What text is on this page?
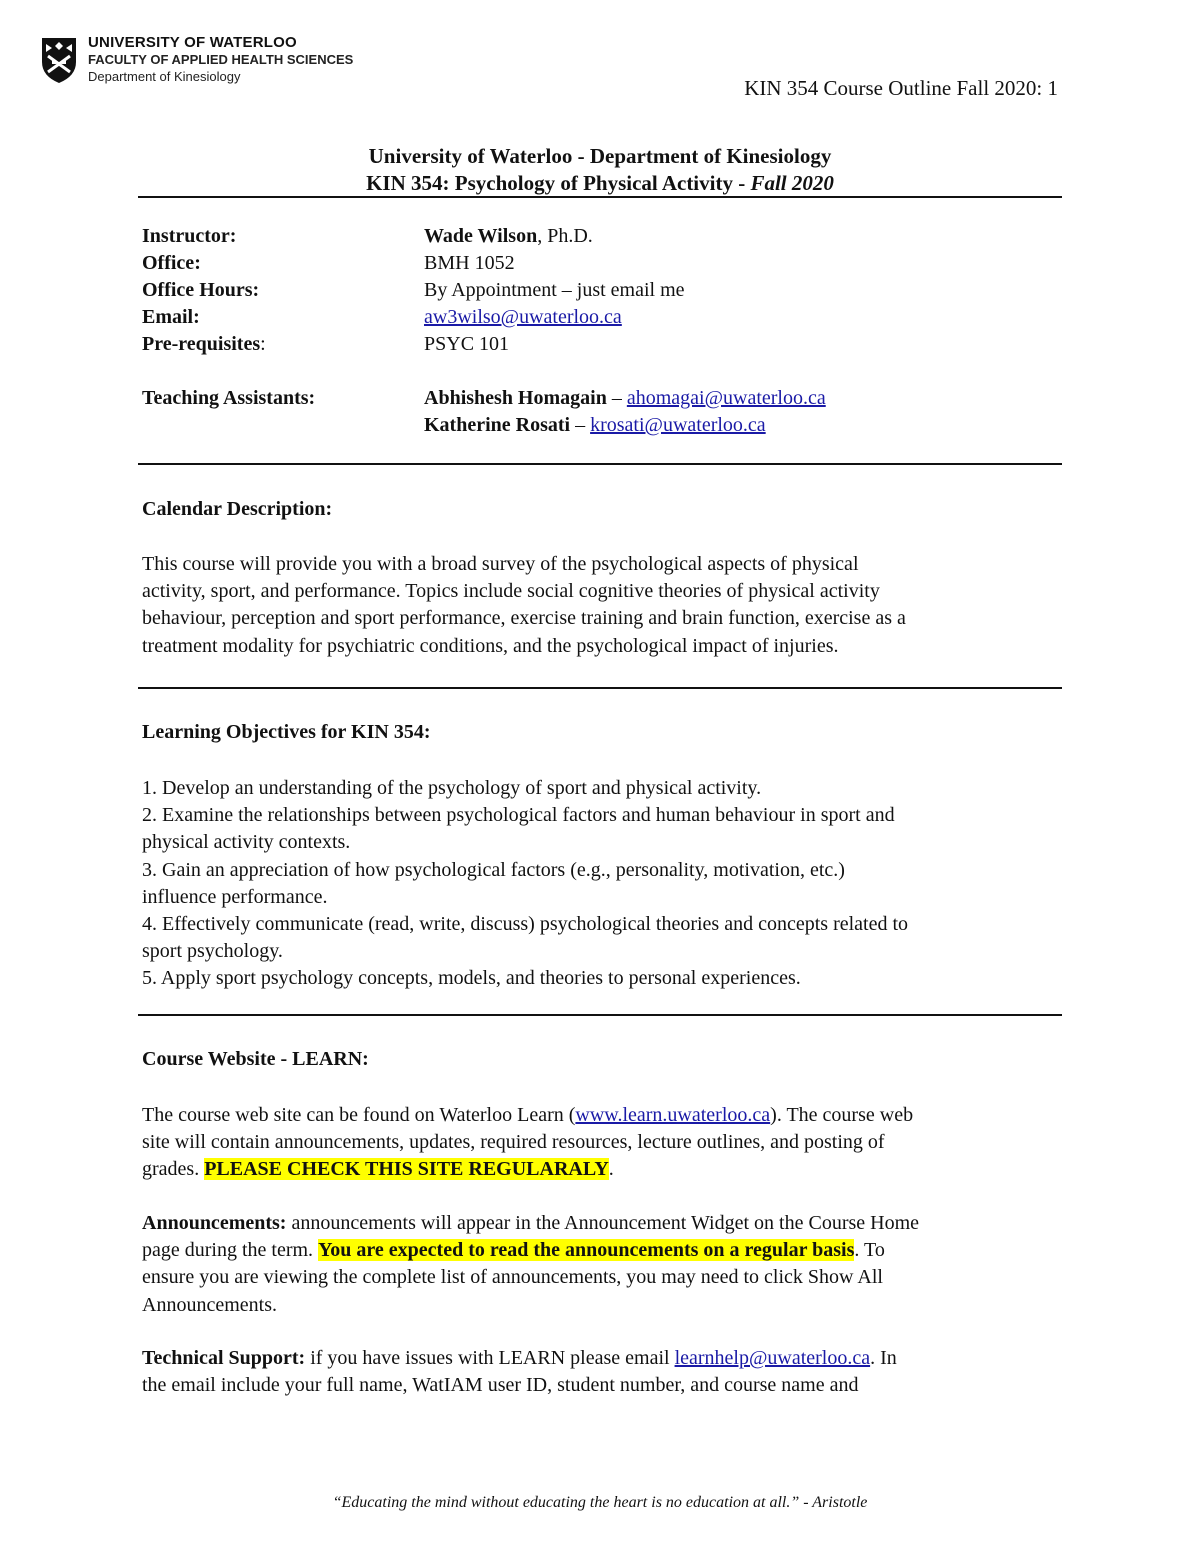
UNIVERSITY OF WATERLOO
FACULTY OF APPLIED HEALTH SCIENCES
Department of Kinesiology	KIN 354 Course Outline Fall 2020: 1
University of Waterloo - Department of Kinesiology
KIN 354: Psychology of Physical Activity - Fall 2020
Instructor:	Wade Wilson, Ph.D.
Office:	BMH 1052
Office Hours:	By Appointment – just email me
Email:	aw3wilso@uwaterloo.ca
Pre-requisites:	PSYC 101
Teaching Assistants:	Abhishesh Homagain – ahomagai@uwaterloo.ca
Katherine Rosati – krosati@uwaterloo.ca
Calendar Description:

This course will provide you with a broad survey of the psychological aspects of physical

activity, sport, and performance. Topics include social cognitive theories of physical activity

behaviour, perception and sport performance, exercise training and brain function, exercise as a

treatment modality for psychiatric conditions, and the psychological impact of injuries.

Learning Objectives for KIN 354:

1. Develop an understanding of the psychology of sport and physical activity.

2. Examine the relationships between psychological factors and human behaviour in sport and

physical activity contexts.

3. Gain an appreciation of how psychological factors (e.g., personality, motivation, etc.)

influence performance.

4. Effectively communicate (read, write, discuss) psychological theories and concepts related to

sport psychology.

5. Apply sport psychology concepts, models, and theories to personal experiences.

Course Website - LEARN:

The course web site can be found on Waterloo Learn (www.learn.uwaterloo.ca). The course web

site will contain announcements, updates, required resources, lecture outlines, and posting of

grades. PLEASE CHECK THIS SITE REGULARALY.

Announcements: announcements will appear in the Announcement Widget on the Course Home

page during the term. You are expected to read the announcements on a regular basis. To

ensure you are viewing the complete list of announcements, you may need to click Show All

Announcements.

Technical Support: if you have issues with LEARN please email learnhelp@uwaterloo.ca. In

the email include your full name, WatIAM user ID, student number, and course name and

“Educating the mind without educating the heart is no education at all.” - Aristotle
